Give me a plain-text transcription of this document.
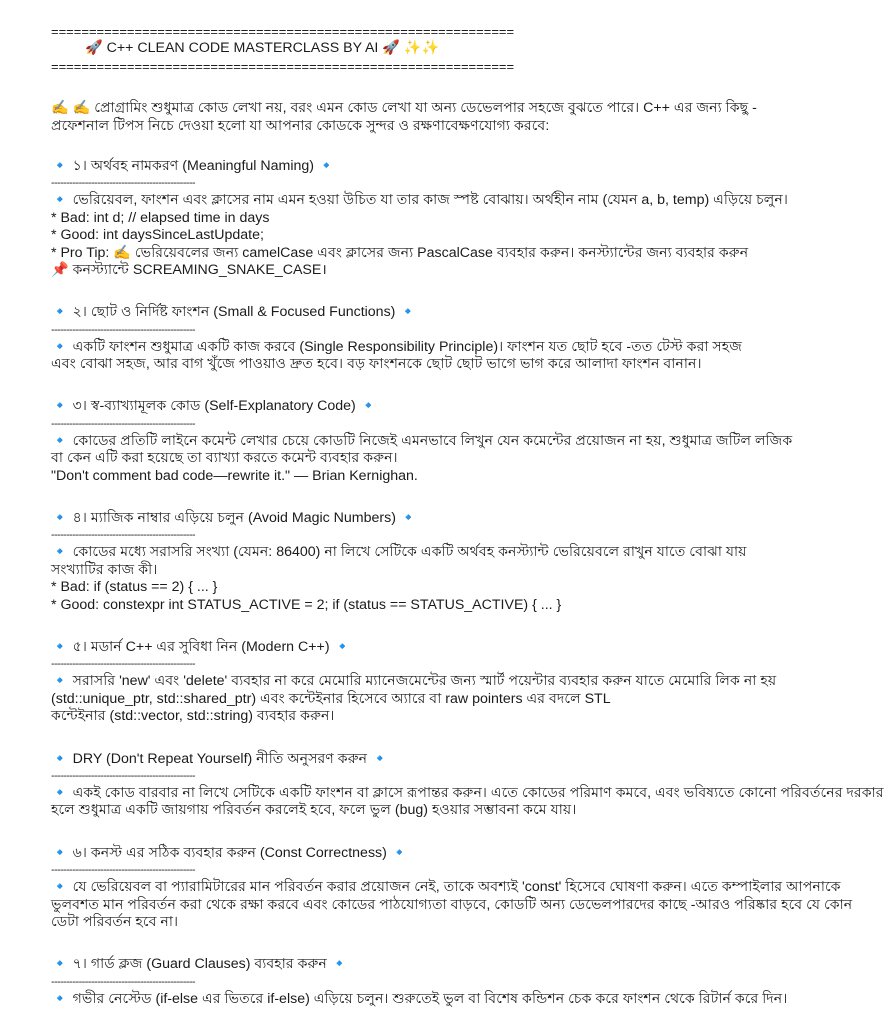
=============================================================
🚀 C++ CLEAN CODE MASTERCLASS BY AI 🚀 ✨✨
=============================================================
✍️ ✍️ প্রোগ্রামিং শুধুমাত্র কোড লেখা নয়, বরং এমন কোড লেখা যা অন্য ডেভেলপার সহজে বুঝতে পারে। C++ এর জন্য কিছু -
প্রফেশনাল টিপস নিচে দেওয়া হলো যা আপনার কোডকে সুন্দর ও রক্ষণাবেক্ষণযোগ্য করবে:
🔹 ১। অর্থবহ নামকরণ (Meaningful Naming) 🔹
-----------------------------------------------
🔹 ভেরিয়েবল, ফাংশন এবং ক্লাসের নাম এমন হওয়া উচিত যা তার কাজ স্পষ্ট বোঝায়। অর্থহীন নাম (যেমন a, b, temp) এড়িয়ে চলুন।
* Bad: int d; // elapsed time in days
* Good: int daysSinceLastUpdate;
* Pro Tip: ✍️ ভেরিয়েবলের জন্য camelCase এবং ক্লাসের জন্য PascalCase ব্যবহার করুন। কনস্ট্যান্টের জন্য ব্যবহার করুন
📌 কনস্ট্যান্টে SCREAMING_SNAKE_CASE।
🔹 ২। ছোট ও নির্দিষ্ট ফাংশন (Small & Focused Functions) 🔹
-----------------------------------------------
🔹 একটি ফাংশন শুধুমাত্র একটি কাজ করবে (Single Responsibility Principle)। ফাংশন যত ছোট হবে -তত টেস্ট করা সহজ
এবং বোঝা সহজ, আর বাগ খুঁজে পাওয়াও দ্রুত হবে। বড় ফাংশনকে ছোট ছোট ভাগে ভাগ করে আলাদা ফাংশন বানান।
🔹 ৩। স্ব-ব্যাখ্যামূলক কোড (Self-Explanatory Code) 🔹
-----------------------------------------------
🔹 কোডের প্রতিটি লাইনে কমেন্ট লেখার চেয়ে কোডটি নিজেই এমনভাবে লিখুন যেন কমেন্টের প্রয়োজন না হয়, শুধুমাত্র জটিল লজিক
বা কেন এটি করা হয়েছে তা ব্যাখ্যা করতে কমেন্ট ব্যবহার করুন।
"Don't comment bad code—rewrite it." — Brian Kernighan.
🔹 ৪। ম্যাজিক নাম্বার এড়িয়ে চলুন (Avoid Magic Numbers) 🔹
-----------------------------------------------
🔹 কোডের মধ্যে সরাসরি সংখ্যা (যেমন: 86400) না লিখে সেটিকে একটি অর্থবহ কনস্ট্যান্ট ভেরিয়েবলে রাখুন যাতে বোঝা যায়
সংখ্যাটির কাজ কী।
* Bad: if (status == 2) { ... }
* Good: constexpr int STATUS_ACTIVE = 2; if (status == STATUS_ACTIVE) { ... }
🔹 ৫। মডার্ন C++ এর সুবিধা নিন (Modern C++) 🔹
-----------------------------------------------
🔹 সরাসরি 'new' এবং 'delete' ব্যবহার না করে মেমোরি ম্যানেজমেন্টের জন্য স্মার্ট পয়েন্টার ব্যবহার করুন যাতে মেমোরি লিক না হয়
(std::unique_ptr, std::shared_ptr) এবং কন্টেইনার হিসেবে অ্যারে বা raw pointers এর বদলে STL
কন্টেইনার (std::vector, std::string) ব্যবহার করুন।
🔹 DRY (Don't Repeat Yourself) নীতি অনুসরণ করুন 🔹
-----------------------------------------------
🔹 একই কোড বারবার না লিখে সেটিকে একটি ফাংশন বা ক্লাসে রূপান্তর করুন। এতে কোডের পরিমাণ কমবে, এবং ভবিষ্যতে কোনো পরিবর্তনের দরকার
হলে শুধুমাত্র একটি জায়গায় পরিবর্তন করলেই হবে, ফলে ভুল (bug) হওয়ার সম্ভাবনা কমে যায়।
🔹 ৬। কনস্ট এর সঠিক ব্যবহার করুন (Const Correctness) 🔹
-----------------------------------------------
🔹 যে ভেরিয়েবল বা প্যারামিটারের মান পরিবর্তন করার প্রয়োজন নেই, তাকে অবশ্যই 'const' হিসেবে ঘোষণা করুন। এতে কম্পাইলার আপনাকে
ভুলবশত মান পরিবর্তন করা থেকে রক্ষা করবে এবং কোডের পাঠযোগ্যতা বাড়বে, কোডটি অন্য ডেভেলপারদের কাছে -আরও পরিষ্কার হবে যে কোন
ডেটা পরিবর্তন হবে না।
🔹 ৭। গার্ড ক্লজ (Guard Clauses) ব্যবহার করুন 🔹
-----------------------------------------------
🔹 গভীর নেস্টেড (if-else এর ভিতরে if-else) এড়িয়ে চলুন। শুরুতেই ভুল বা বিশেষ কন্ডিশন চেক করে ফাংশন থেকে রিটার্ন করে দিন।
